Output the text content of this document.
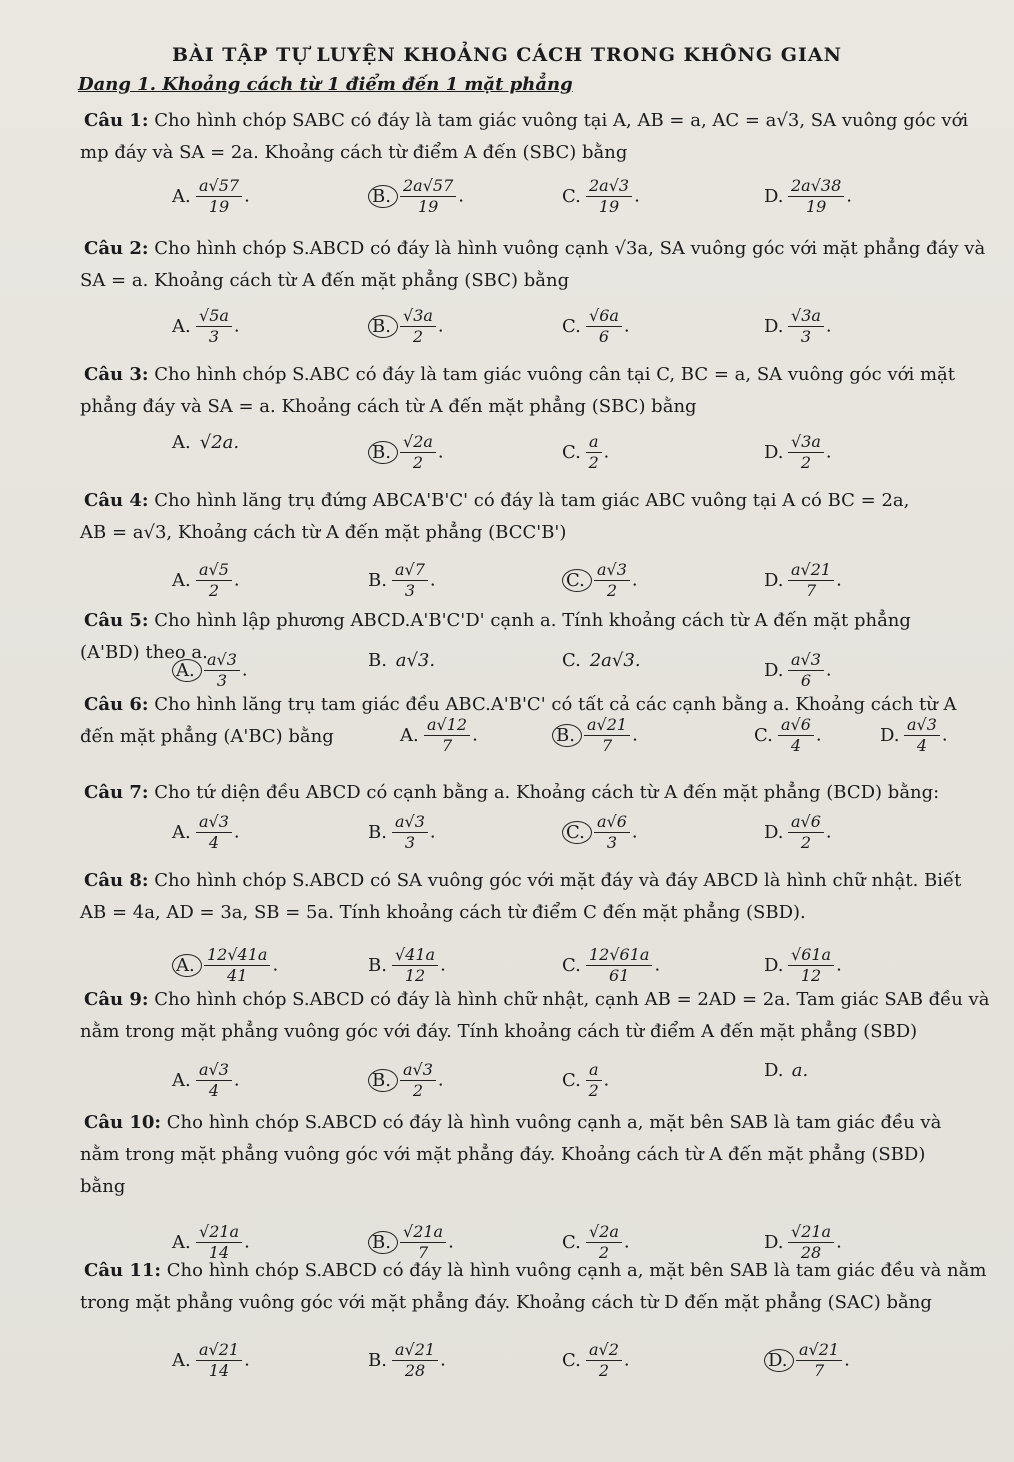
BÀI TẬP TỰ LUYỆN KHOẢNG CÁCH TRONG KHÔNG GIAN
Dang 1. Khoảng cách từ 1 điểm đến 1 mặt phẳng
Câu 1: Cho hình chóp SABC có đáy là tam giác vuông tại A, AB = a, AC = a√3, SA vuông góc với
mp đáy và SA = 2a. Khoảng cách từ điểm A đến (SBC) bằng
A. $\frac{a√57}{19}$ .	B. $\frac{2a√57}{19}$ .	C. $\frac{2a√3}{19}$ .	D. $\frac{2a√38}{19}$ .
Câu 2: Cho hình chóp S.ABCD có đáy là hình vuông cạnh √3a, SA vuông góc với mặt phẳng đáy và
SA = a. Khoảng cách từ A đến mặt phẳng (SBC) bằng
A. $\frac{√5a}{3}$ .	B. $\frac{√3a}{2}$ .	C. $\frac{√6a}{6}$ .	D. $\frac{√3a}{3}$ .
Câu 3: Cho hình chóp S.ABC có đáy là tam giác vuông cân tại C, BC = a, SA vuông góc với mặt
phẳng đáy và SA = a. Khoảng cách từ A đến mặt phẳng (SBC) bằng
A. √2a.	B. $\frac{√2a}{2}$ .	C. $\frac{a}{2}$ .	D. $\frac{√3a}{2}$ .
Câu 4: Cho hình lăng trụ đứng ABCA'B'C' có đáy là tam giác ABC vuông tại A có BC = 2a,
AB = a√3, Khoảng cách từ A đến mặt phẳng (BCC'B')
A. $\frac{a√5}{2}$ .	B. $\frac{a√7}{3}$ .	C. $\frac{a√3}{2}$ .	D. $\frac{a√21}{7}$ .
Câu 5: Cho hình lập phương ABCD.A'B'C'D' cạnh a. Tính khoảng cách từ A đến mặt phẳng
(A'BD) theo a.
A. $\frac{a√3}{3}$ .	B. a√3.	C. 2a√3.	D. $\frac{a√3}{6}$ .
Câu 6: Cho hình lăng trụ tam giác đều ABC.A'B'C' có tất cả các cạnh bằng a. Khoảng cách từ A
đến mặt phẳng (A'BC) bằng	A. $\frac{a√12}{7}$ .	B. $\frac{a√21}{7}$ .	C. $\frac{a√6}{4}$ .	D. $\frac{a√3}{4}$ .
Câu 7: Cho tứ diện đều ABCD có cạnh bằng a. Khoảng cách từ A đến mặt phẳng (BCD) bằng:
A. $\frac{a√3}{4}$ .	B. $\frac{a√3}{3}$ .	C. $\frac{a√6}{3}$ .	D. $\frac{a√6}{2}$ .
Câu 8: Cho hình chóp S.ABCD có SA vuông góc với mặt đáy và đáy ABCD là hình chữ nhật. Biết
AB = 4a, AD = 3a, SB = 5a. Tính khoảng cách từ điểm C đến mặt phẳng (SBD).
A. $\frac{12√41a}{41}$ .	B. $\frac{√41a}{12}$ .	C. $\frac{12√61a}{61}$ .	D. $\frac{√61a}{12}$ .
Câu 9: Cho hình chóp S.ABCD có đáy là hình chữ nhật, cạnh AB = 2AD = 2a. Tam giác SAB đều và
nằm trong mặt phẳng vuông góc với đáy. Tính khoảng cách từ điểm A đến mặt phẳng (SBD)
A. $\frac{a√3}{4}$ .	B. $\frac{a√3}{2}$ .	C. $\frac{a}{2}$ .	D. a.
Câu 10: Cho hình chóp S.ABCD có đáy là hình vuông cạnh a, mặt bên SAB là tam giác đều và
nằm trong mặt phẳng vuông góc với mặt phẳng đáy. Khoảng cách từ A đến mặt phẳng (SBD)
bằng
A. $\frac{√21a}{14}$ .	B. $\frac{√21a}{7}$ .	C. $\frac{√2a}{2}$ .	D. $\frac{√21a}{28}$ .
Câu 11: Cho hình chóp S.ABCD có đáy là hình vuông cạnh a, mặt bên SAB là tam giác đều và nằm
trong mặt phẳng vuông góc với mặt phẳng đáy. Khoảng cách từ D đến mặt phẳng (SAC) bằng
A. $\frac{a√21}{14}$ .	B. $\frac{a√21}{28}$ .	C. $\frac{a√2}{2}$ .	D. $\frac{a√21}{7}$ .
